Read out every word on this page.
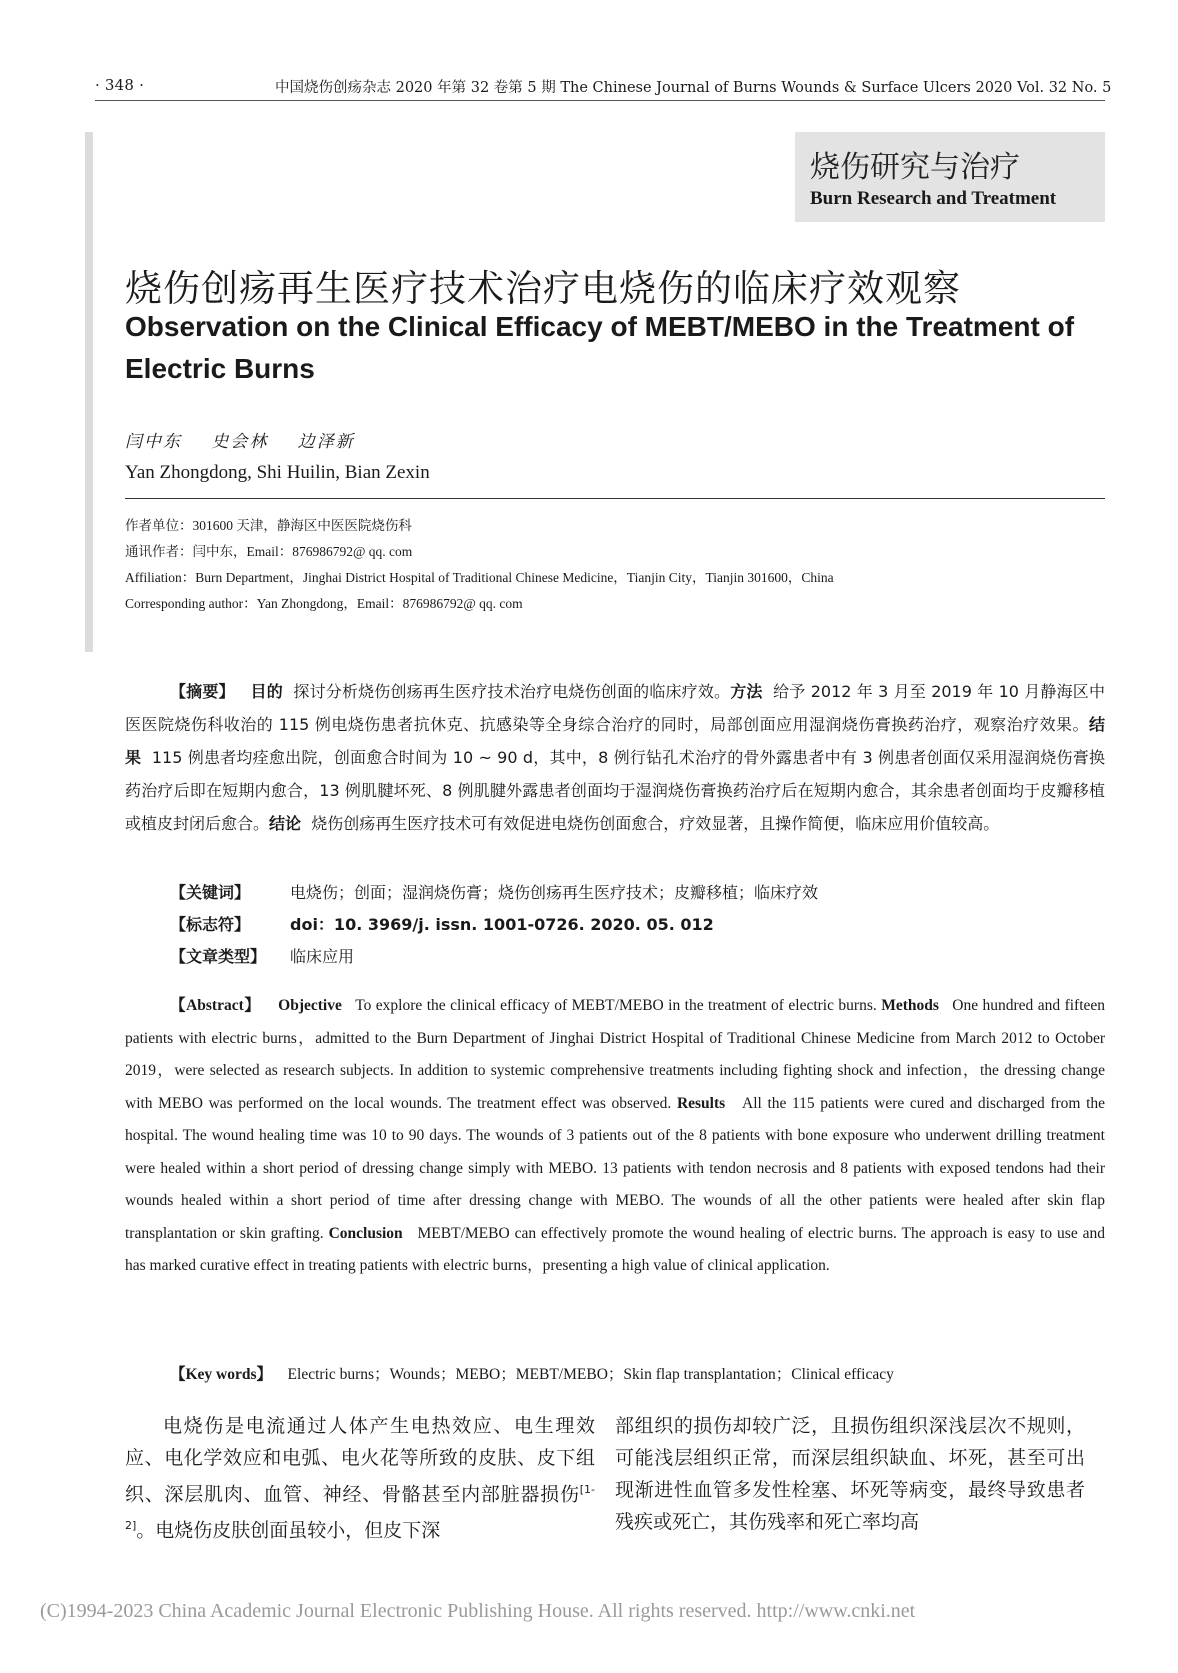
· 348 ·	中国烧伤创疡杂志 2020 年第 32 卷第 5 期 The Chinese Journal of Burns Wounds & Surface Ulcers 2020 Vol. 32 No. 5
烧伤研究与治疗
Burn Research and Treatment
烧伤创疡再生医疗技术治疗电烧伤的临床疗效观察
Observation on the Clinical Efficacy of MEBT/MEBO in the Treatment of Electric Burns
闫中东 史会林 边泽新
Yan Zhongdong, Shi Huilin, Bian Zexin
作者单位：301600 天津，静海区中医医院烧伤科
通讯作者：闫中东，Email：876986792@ qq. com
Affiliation：Burn Department，Jinghai District Hospital of Traditional Chinese Medicine，Tianjin City，Tianjin 301600，China
Corresponding author：Yan Zhongdong，Email：876986792@ qq. com
【摘要】 目的 探讨分析烧伤创疡再生医疗技术治疗电烧伤创面的临床疗效。方法 给予 2012 年 3 月至 2019 年 10 月静海区中医医院烧伤科收治的 115 例电烧伤患者抗休克、抗感染等全身综合治疗的同时，局部创面应用湿润烧伤膏换药治疗，观察治疗效果。结果 115 例患者均痊愈出院，创面愈合时间为 10 ~ 90 d，其中，8 例行钻孔术治疗的骨外露患者中有 3 例患者创面仅采用湿润烧伤膏换药治疗后即在短期内愈合，13 例肌腱坏死、8 例肌腱外露患者创面均于湿润烧伤膏换药治疗后在短期内愈合，其余患者创面均于皮瓣移植或植皮封闭后愈合。结论 烧伤创疡再生医疗技术可有效促进电烧伤创面愈合，疗效显著，且操作简便，临床应用价值较高。
【关键词】 电烧伤；创面；湿润烧伤膏；烧伤创疡再生医疗技术；皮瓣移植；临床疗效
【标志符】 doi：10. 3969/j. issn. 1001-0726. 2020. 05. 012
【文章类型】 临床应用
【Abstract】 Objective To explore the clinical efficacy of MEBT/MEBO in the treatment of electric burns. Methods One hundred and fifteen patients with electric burns，admitted to the Burn Department of Jinghai District Hospital of Traditional Chinese Medicine from March 2012 to October 2019，were selected as research subjects. In addition to systemic comprehensive treatments including fighting shock and infection，the dressing change with MEBO was performed on the local wounds. The treatment effect was observed. Results All the 115 patients were cured and discharged from the hospital. The wound healing time was 10 to 90 days. The wounds of 3 patients out of the 8 patients with bone exposure who underwent drilling treatment were healed within a short period of dressing change simply with MEBO. 13 patients with tendon necrosis and 8 patients with exposed tendons had their wounds healed within a short period of time after dressing change with MEBO. The wounds of all the other patients were healed after skin flap transplantation or skin grafting. Conclusion MEBT/MEBO can effectively promote the wound healing of electric burns. The approach is easy to use and has marked curative effect in treating patients with electric burns，presenting a high value of clinical application.
【Key words】 Electric burns；Wounds；MEBO；MEBT/MEBO；Skin flap transplantation；Clinical efficacy
电烧伤是电流通过人体产生电热效应、电生理效应、电化学效应和电弧、电火花等所致的皮肤、皮下组织、深层肌肉、血管、神经、骨骼甚至内部脏器损伤[1-2]。电烧伤皮肤创面虽较小，但皮下深
部组织的损伤却较广泛，且损伤组织深浅层次不规则，可能浅层组织正常，而深层组织缺血、坏死，甚至可出现渐进性血管多发性栓塞、坏死等病变，最终导致患者残疾或死亡，其伤残率和死亡率均高
(C)1994-2023 China Academic Journal Electronic Publishing House. All rights reserved. http://www.cnki.net
